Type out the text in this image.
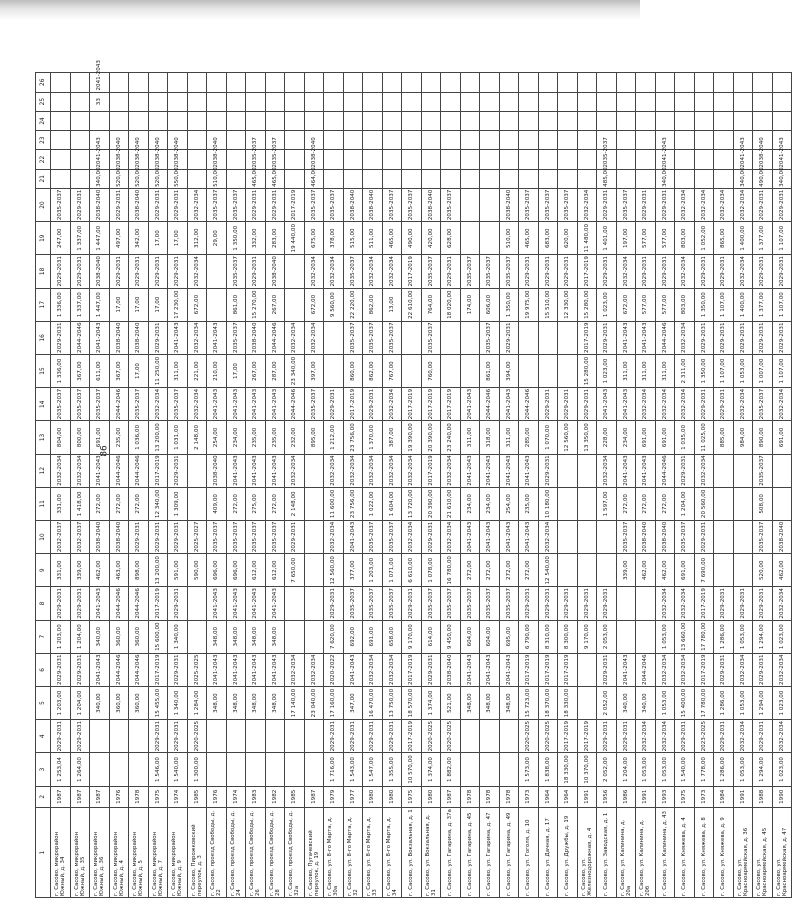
86
1	2	3	4	5	6	7	8	9	10	11	12	13	14	15	16	17	18	19	20	21	22	23	24	25	26
г. Сасово, микрорайон Южный, д. 34	1987	1 253,04	2029-2031	1 203,00	2029-2031	1 203,00	2029-2031	331,00	2032-2037	331,00	2032-2034	804,00	2035-2037	1 336,00	2029-2031	1 336,00	2029-2031	247,00	2035-2037						
г. Сасово, микрорайон Южный, д. 35	1987	1 264,00	2029-2031	1 204,00	2029-2031	1 204,00	2029-2031	339,00	2032-2037	1 418,00	2032-2034	800,00	2035-2037	367,00	2044-2046	1 337,00	2029-2031	1 337,00	2029-2031						
г. Сасово, микрорайон Южный, д. 36	1987			340,00	2041-2043	340,00	2041-2043	462,00	2038-2040	272,00	2041-2043	691,00	2035-2037	611,00	2041-2043	1 447,00	2038-2040	1 447,00	2038-2040	340,00	2041-2043			33	2041-2043
г. Сасово, микрорайон Южный, д. 4	1976			360,00	2044-2046	360,00	2044-2046	463,00	2038-2040	272,00	2044-2046	235,00	2044-2046	367,00	2038-2040	17,00	2029-2031	497,00	2029-2031	520,00	2038-2040				
г. Сасово, микрорайон Южный, д. 5	1978			360,00	2044-2046	360,00	2044-2046	898,00	2029-2031	272,00	2044-2046	1 036,00	2035-2037	17,00	2038-2040	17,00	2029-2031	342,00	2038-2040	520,00	2038-2040				
г. Сасово, микрорайон Южный, д. 7	1975	1 546,00	2029-2031	15 455,00	2017-2019	15 600,00	2017-2019	13 200,00	2029-2031	12 340,00	2017-2019	13 200,00	2032-2034	11 250,00	2029-2031	17,00	2029-2031	17,00	2029-2031	520,00	2038-2040				
г. Сасово, микрорайон Южный, д. 9	1974	1 540,00	2029-2031	1 340,00	2029-2031	1 340,00	2029-2031	591,00	2029-2031	1 309,00	2029-2031	1 031,00	2035-2037	311,00	2041-2043	17 230,00	2029-2031	17,00	2029-2031	550,00	2038-2040				
г. Сасово, Пирожковский переулок, д. 3	1985	1 300,00	2020-2025	1 284,00	2025-2025			590,00	2025-2027			2 148,00	2032-2034	221,00	2032-2034	672,00	2032-2034	312,00	2032-2034						
г. Сасово, проезд Свободы, д. 22	1976			348,00	2041-2043	348,00	2041-2043	696,00	2035-2037	409,00	2038-2040	254,00	2041-2043	210,00	2041-2043			29,00	2035-2037	510,00	2038-2040				
г. Сасово, проезд Свободы, д. 24	1974			348,00	2041-2043	348,00	2041-2043	696,00	2035-2037	272,00	2041-2043	234,00	2041-2043	17,00	2035-2037	861,00	2035-2037	1 350,00	2035-2037						
г. Сасово, проезд Свободы, д. 26	1983			348,00	2041-2043	348,00	2041-2043	612,00	2035-2037	275,00	2041-2043	235,00	2041-2043	267,00	2038-2040	15 270,00	2029-2031	332,00	2029-2031	465,00	2035-2037				
г. Сасово, проезд Свободы, д. 28	1982			348,00	2041-2043	348,00	2041-2043	612,00	2035-2037	272,00	2041-2043	235,00	2041-2043	287,00	2044-2046	267,00	2038-2040	283,00	2029-2031	465,00	2035-2037				
г. Сасово, проезд Свободы, д. 32а	1985			17 140,00	2032-2034			7 650,00	2029-2031	2 148,00	2032-2034	232,00	2044-2046	23 340,00	2032-2034			19 440,00	2017-2019						
г. Сасово, Пугачевский переулок, д. 19	1987			23 040,00	2032-2034							895,00	2035-2037	397,00	2032-2034	672,00	2032-2034	675,00	2035-2037	464,00	2038-2040				
г. Сасово, ул. 8-го Марта, д. 30а	1979	1 716,00	2029-2031	17 160,00	2020-2022	7 620,00	2029-2031	12 560,00	2032-2034	11 600,00	2032-2034	1 212,00	2029-2031			9 560,00	2032-2034	378,00	2035-2037						
г. Сасово, ул. 8-го Марта, д. 32	1977	1 543,00	2029-2031	347,00	2041-2043	692,00	2035-2037	377,00	2041-2043	23 756,00	2032-2034	23 756,00	2017-2019	860,00	2035-2037	22 220,00	2035-2037	515,00	2038-2040						
г. Сасово, ул. 8-го Марта, д. 33	1980	1 547,00	2029-2031	16 470,00	2032-2034	691,00	2035-2037	1 203,00	2035-2037	1 022,00	2032-2034	1 370,00	2029-2031	862,00	2035-2037	862,00	2032-2034	511,00	2038-2040						
г. Сасово, ул. 8-го Марта, д. 34	1980	1 355,00	2029-2031	13 750,00	2032-2034	658,00	2035-2037	1 071,00	2035-2037	1 604,00	2032-2034	387,00	2032-2034	767,00	2035-2037	13,00	2032-2034	465,00	2035-2037						
г. Сасово, ул. Вокзальная, д. 1	1975	10 570,00	2017-2019	18 570,00	2017-2019	9 170,00	2029-2031	6 610,00	2032-2034	13 720,00	2032-2034	19 390,00	2017-2019			22 610,00	2017-2019	490,00	2035-2037						
г. Сасово, ул. Вокзальная, д. 31	1980	1 374,00	2020-2025	1 374,00	2029-2031	614,00	2035-2037	1 078,00	2029-2031	20 390,00	2017-2019	20 390,00	2017-2019	760,00	2035-2037	764,00	2035-2037	420,00	2038-2040						
г. Сасово, ул. Гагарина, д. 37а	1987	1 882,00	2020-2025	521,00	2038-2040	9 450,00	2035-2037	16 780,00	2032-2034	21 610,00	2032-2034	23 240,00	2017-2019			18 020,00	2029-2031	628,00	2035-2037						
г. Сасово, ул. Гагарина, д. 45	1978			348,00	2041-2043	604,00	2035-2037	272,00	2041-2043	234,00	2041-2043	311,00	2041-2043			174,00	2035-2037								
г. Сасово, ул. Гагарина, д. 47	1978			348,00	2041-2043	604,00	2035-2037	272,00	2041-2043	234,00	2041-2043	318,00	2044-2046	861,00	2035-2037	606,00	2035-2037								
г. Сасово, ул. Гагарина, д. 49	1978			348,00	2041-2043	695,00	2035-2037	272,00	2041-2043	254,00	2041-2043	311,00	2041-2043	394,00	2029-2031	1 350,00	2035-2037	510,00	2038-2040						
г. Сасово, ул. Гоголя, д. 10	1973	1 573,00	2020-2025	15 723,00	2017-2019	6 790,00	2029-2031	272,00	2041-2043	235,00	2041-2043	285,00	2044-2046			19 975,00	2029-2031	465,00	2035-2037						
г. Сасово, ул. Дачная, д. 17	1964	1 838,00	2020-2025	18 370,00	2017-2019	8 310,00	2029-2031	12 540,00	2032-2034	10 180,00	2029-2031	1 070,00	2029-2031			15 510,00	2029-2031	683,00	2035-2037						
г. Сасово, ул. Дружбы, д. 19	1964	18 330,00	2017-2019	18 330,00	2017-2019	8 300,00	2029-2031					12 560,00	2029-2031			12 330,00	2029-2031	620,00	2035-2037						
г. Сасово, ул. Железнодорожная, д. 4	1991	10 370,00	2017-2019			9 170,00	2029-2031					13 350,00	2029-2031	15 280,00	2017-2019	15 280,00	2017-2019	11 480,00	2032-2034						
г. Сасово, ул. Заводская, д. 1	1956	2 052,00	2029-2031	2 052,00	2029-2031	2 053,00	2029-2031			1 597,00	2032-2034	228,00	2041-2043	1 023,00	2029-2031	1 023,00	2029-2031	1 401,00	2029-2031	485,00	2035-2037				
г. Сасово, ул. Калинина, д. 20а	1986	1 204,00	2029-2031	340,00	2041-2043			339,00	2035-2037	272,00	2041-2043	234,00	2041-2043	311,00	2041-2043	672,00	2032-2034	197,00	2035-2037						
г. Сасово, ул. Калинина, д. 20б	1991	1 053,00	2032-2034	340,00	2044-2046			462,00	2038-2040	272,00	2041-2043	691,00	2032-2034	311,00	2041-2043	577,00	2029-2031	577,00	2029-2031						
г. Сасово, ул. Калинина, д. 43	1993	1 053,00	2032-2034	1 053,00	2032-2034	1 053,00	2032-2034	462,00	2038-2040	272,00	2044-2046	691,00	2032-2034	311,00	2044-2046	577,00	2029-2031	577,00	2029-2031	340,00	2041-2043				
г. Сасово, ул. Княжева, д. 4	1975	1 540,00	2029-2031	15 400,00	2032-2034	13 660,00	2032-2034	691,00	2035-2037	1 204,00	2029-2031	1 035,00	2032-2034	2 311,00	2032-2034	803,00	2032-2034	803,00	2032-2034						
г. Сасово, ул. Княжева, д. 8	1973	1 778,00	2023-2025	17 780,00	2017-2019	17 780,00	2017-2019	7 690,00	2029-2031	20 560,00	2032-2034	11 025,00	2029-2031	1 350,00	2029-2031	1 350,00	2029-2031	1 052,00	2032-2034						
г. Сасово, ул. Княжева, д. 9	1984	1 286,00	2029-2031	1 286,00	2029-2031	1 286,00	2029-2031					885,00	2029-2031	1 107,00	2029-2031	1 107,00	2029-2031	865,00	2032-2034						
г. Сасово, ул. Красноармейская, д. 36	1991	1 053,00	2032-2034	1 053,00	2032-2034	1 053,00	2029-2031					984,00	2032-2034	1 053,00	2029-2031	1 400,00	2032-2034	1 400,00	2032-2034	340,00	2041-2043				
г. Сасово, ул. Красноармейская, д. 45	1988	1 294,00	2029-2031	1 294,00	2029-2031	1 294,00	2029-2031	520,00	2035-2037	508,00	2035-2037	890,00	2035-2037	1 007,00	2029-2031	1 377,00	2029-2031	1 377,00	2029-2031	490,00	2038-2040				
г. Сасово, ул. Красноармейская, д. 47	1990	1 023,00	2032-2034	1 023,00	2032-2034	1 023,00	2032-2034	462,00	2038-2040			691,00	2032-2034	1 107,00	2029-2031	1 107,00	2029-2031	1 107,00	2029-2031	340,00	2041-2043				
